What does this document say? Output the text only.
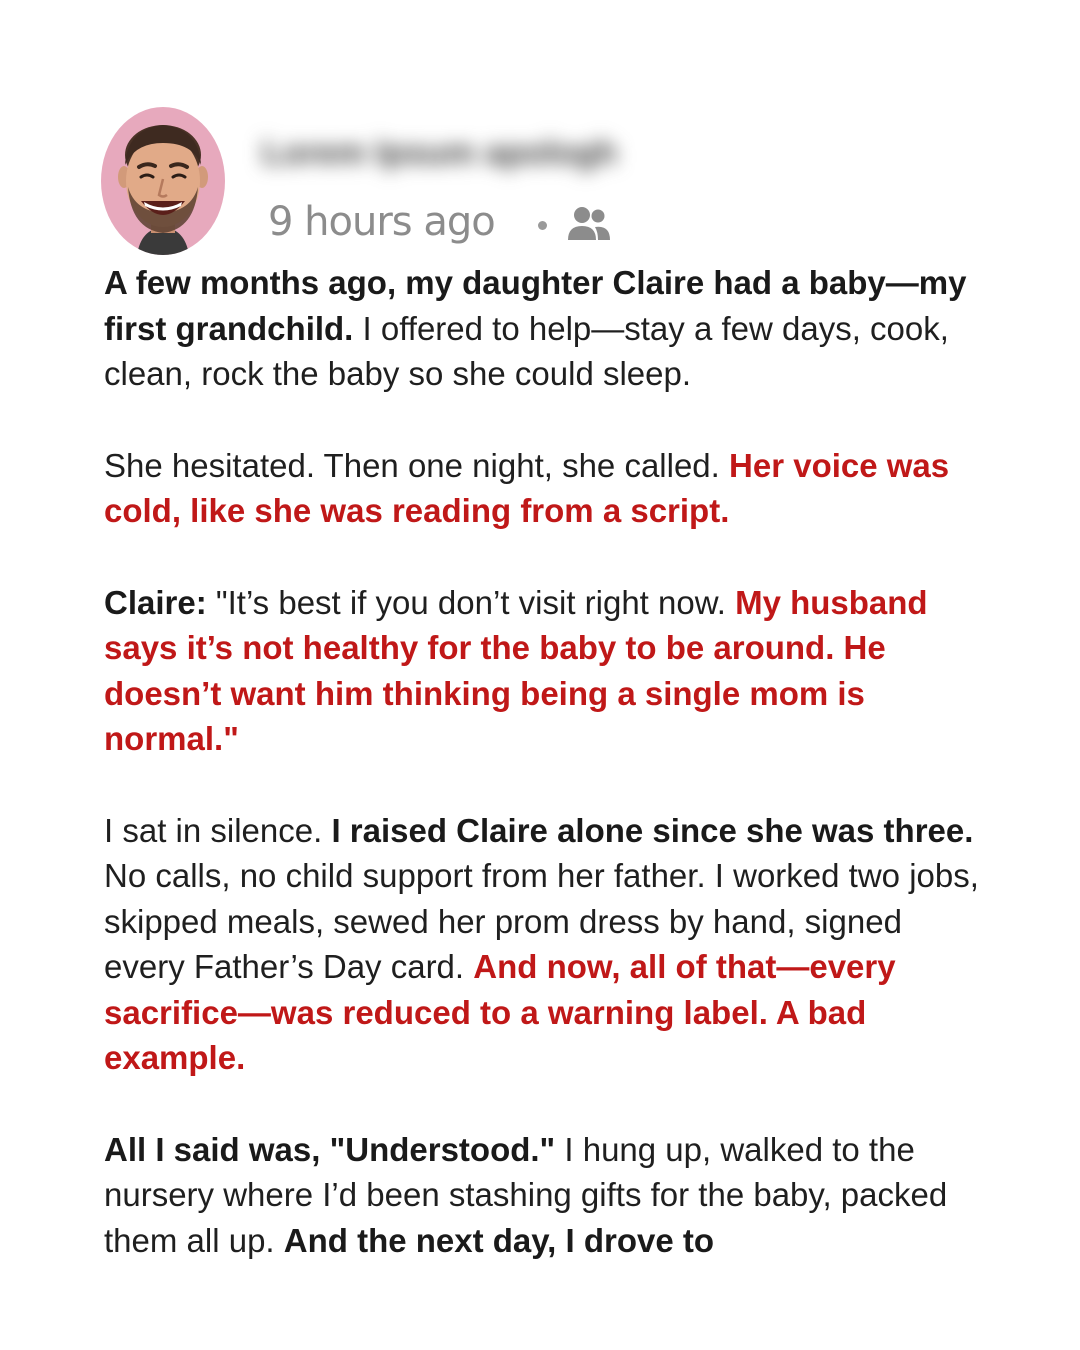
Lorem Ipsum apologh
9 hours ago

A few months ago, my daughter Claire had a baby—my first grandchild. I offered to help—stay a few days, cook, clean, rock the baby so she could sleep.

She hesitated. Then one night, she called. Her voice was cold, like she was reading from a script.

Claire: "It’s best if you don’t visit right now. My husband says it’s not healthy for the baby to be around. He doesn’t want him thinking being a single mom is normal."

I sat in silence. I raised Claire alone since she was three. No calls, no child support from her father. I worked two jobs, skipped meals, sewed her prom dress by hand, signed every Father’s Day card. And now, all of that—every sacrifice—was reduced to a warning label. A bad example.

All I said was, "Understood." I hung up, walked to the nursery where I’d been stashing gifts for the baby, packed them all up. And the next day, I drove to
